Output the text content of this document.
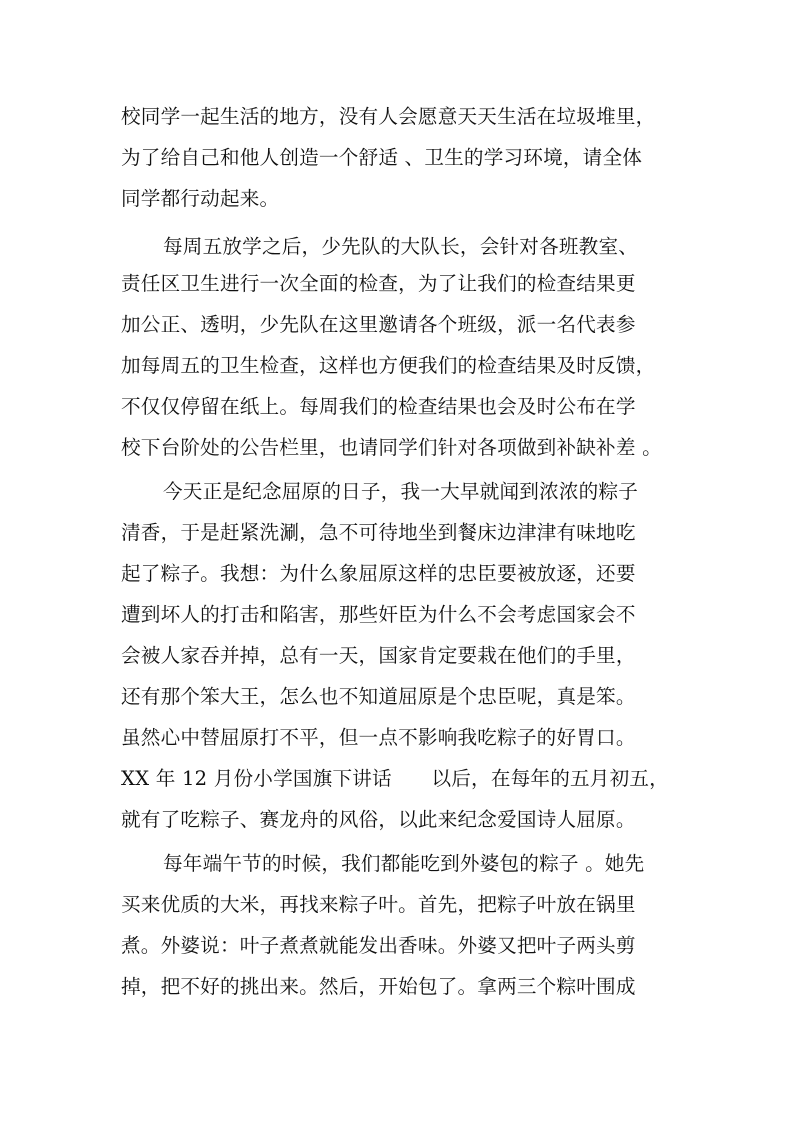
校同学一起生活的地方，没有人会愿意天天生活在垃圾堆里，
为了给自己和他人创造一个舒适 、卫生的学习环境，请全体
同学都行动起来。
每周五放学之后，少先队的大队长，会针对各班教室、
责任区卫生进行一次全面的检查，为了让我们的检查结果更
加公正、透明，少先队在这里邀请各个班级，派一名代表参
加每周五的卫生检查，这样也方便我们的检查结果及时反馈，
不仅仅停留在纸上。每周我们的检查结果也会及时公布在学
校下台阶处的公告栏里，也请同学们针对各项做到补缺补差 。
今天正是纪念屈原的日子，我一大早就闻到浓浓的粽子
清香，于是赶紧洗涮，急不可待地坐到餐床边津津有味地吃
起了粽子。我想：为什么象屈原这样的忠臣要被放逐，还要
遭到坏人的打击和陷害，那些奸臣为什么不会考虑国家会不
会被人家吞并掉，总有一天，国家肯定要栽在他们的手里，
还有那个笨大王，怎么也不知道屈原是个忠臣呢，真是笨。
虽然心中替屈原打不平，但一点不影响我吃粽子的好胃口。
XX 年 12 月份小学国旗下讲话　　以后，在每年的五月初五，
就有了吃粽子、赛龙舟的风俗，以此来纪念爱国诗人屈原。
每年端午节的时候，我们都能吃到外婆包的粽子 。她先
买来优质的大米，再找来粽子叶。首先，把粽子叶放在锅里
煮。外婆说：叶子煮煮就能发出香味。外婆又把叶子两头剪
掉，把不好的挑出来。然后，开始包了。拿两三个粽叶围成
